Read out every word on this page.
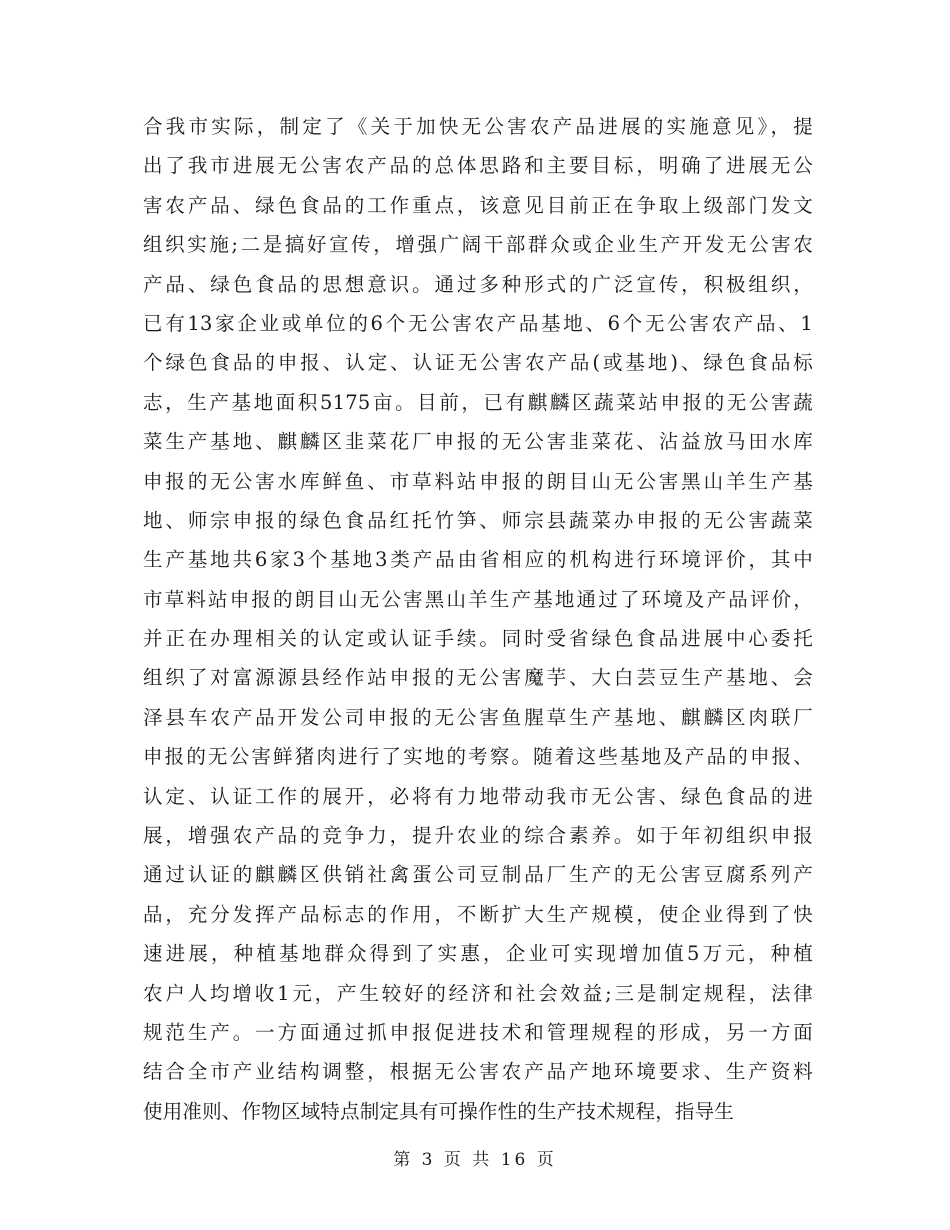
合我市实际，制定了《关于加快无公害农产品进展的实施意见》，提
出了我市进展无公害农产品的总体思路和主要目标，明确了进展无公
害农产品、绿色食品的工作重点，该意见目前正在争取上级部门发文
组织实施;二是搞好宣传，增强广阔干部群众或企业生产开发无公害农
产品、绿色食品的思想意识。通过多种形式的广泛宣传，积极组织，
已有13家企业或单位的6个无公害农产品基地、6个无公害农产品、1
个绿色食品的申报、认定、认证无公害农产品(或基地)、绿色食品标
志，生产基地面积5175亩。目前，已有麒麟区蔬菜站申报的无公害蔬
菜生产基地、麒麟区韭菜花厂申报的无公害韭菜花、沾益放马田水库
申报的无公害水库鲜鱼、市草料站申报的朗目山无公害黑山羊生产基
地、师宗申报的绿色食品红托竹笋、师宗县蔬菜办申报的无公害蔬菜
生产基地共6家3个基地3类产品由省相应的机构进行环境评价，其中
市草料站申报的朗目山无公害黑山羊生产基地通过了环境及产品评价，
并正在办理相关的认定或认证手续。同时受省绿色食品进展中心委托
组织了对富源源县经作站申报的无公害魔芋、大白芸豆生产基地、会
泽县车农产品开发公司申报的无公害鱼腥草生产基地、麒麟区肉联厂
申报的无公害鲜猪肉进行了实地的考察。随着这些基地及产品的申报、
认定、认证工作的展开，必将有力地带动我市无公害、绿色食品的进
展，增强农产品的竞争力，提升农业的综合素养。如于年初组织申报
通过认证的麒麟区供销社禽蛋公司豆制品厂生产的无公害豆腐系列产
品，充分发挥产品标志的作用，不断扩大生产规模，使企业得到了快
速进展，种植基地群众得到了实惠，企业可实现增加值5万元，种植
农户人均增收1元，产生较好的经济和社会效益;三是制定规程，法律
规范生产。一方面通过抓申报促进技术和管理规程的形成，另一方面
结合全市产业结构调整，根据无公害农产品产地环境要求、生产资料
使用准则、作物区域特点制定具有可操作性的生产技术规程，指导生
第 3 页 共 16 页
